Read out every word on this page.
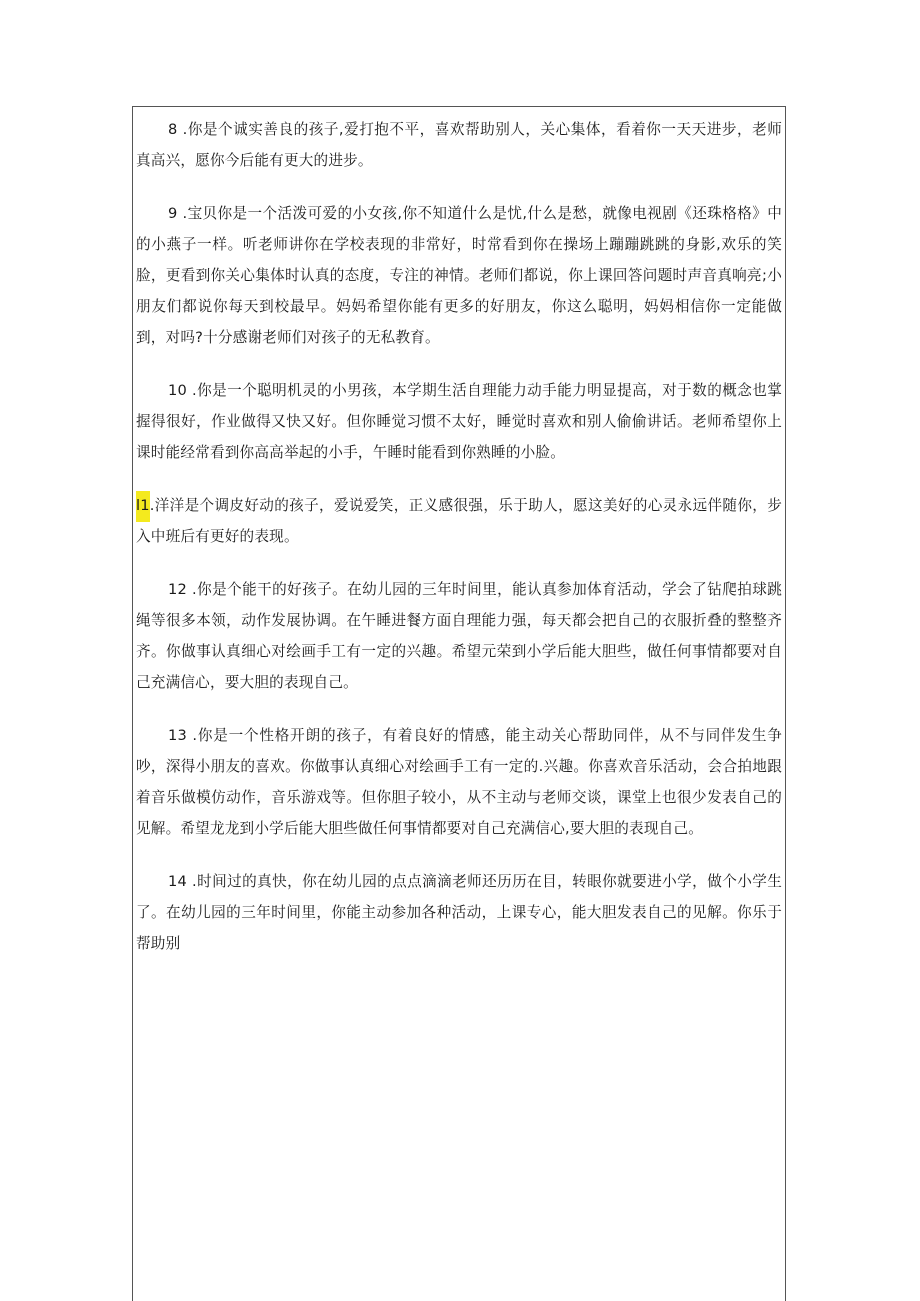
8 .你是个诚实善良的孩子,爱打抱不平，喜欢帮助别人，关心集体，看着你一天天进步，老师真高兴，愿你今后能有更大的进步。

9 .宝贝你是一个活泼可爱的小女孩,你不知道什么是忧,什么是愁，就像电视剧《还珠格格》中的小燕子一样。听老师讲你在学校表现的非常好，时常看到你在操场上蹦蹦跳跳的身影,欢乐的笑脸，更看到你关心集体时认真的态度，专注的神情。老师们都说，你上课回答问题时声音真响亮;小朋友们都说你每天到校最早。妈妈希望你能有更多的好朋友，你这么聪明，妈妈相信你一定能做到，对吗?十分感谢老师们对孩子的无私教育。

10 .你是一个聪明机灵的小男孩，本学期生活自理能力动手能力明显提高，对于数的概念也掌握得很好，作业做得又快又好。但你睡觉习惯不太好，睡觉时喜欢和别人偷偷讲话。老师希望你上课时能经常看到你高高举起的小手，午睡时能看到你熟睡的小脸。

l1.洋洋是个调皮好动的孩子，爱说爱笑，正义感很强，乐于助人，愿这美好的心灵永远伴随你，步入中班后有更好的表现。

12 .你是个能干的好孩子。在幼儿园的三年时间里，能认真参加体育活动，学会了钻爬拍球跳绳等很多本领，动作发展协调。在午睡进餐方面自理能力强，每天都会把自己的衣服折叠的整整齐齐。你做事认真细心对绘画手工有一定的兴趣。希望元荣到小学后能大胆些，做任何事情都要对自己充满信心，要大胆的表现自己。

13 .你是一个性格开朗的孩子，有着良好的情感，能主动关心帮助同伴，从不与同伴发生争吵，深得小朋友的喜欢。你做事认真细心对绘画手工有一定的.兴趣。你喜欢音乐活动，会合拍地跟着音乐做模仿动作，音乐游戏等。但你胆子较小，从不主动与老师交谈，课堂上也很少发表自己的见解。希望龙龙到小学后能大胆些做任何事情都要对自己充满信心,要大胆的表现自己。

14 .时间过的真快，你在幼儿园的点点滴滴老师还历历在目，转眼你就要进小学，做个小学生了。在幼儿园的三年时间里，你能主动参加各种活动，上课专心，能大胆发表自己的见解。你乐于帮助别
